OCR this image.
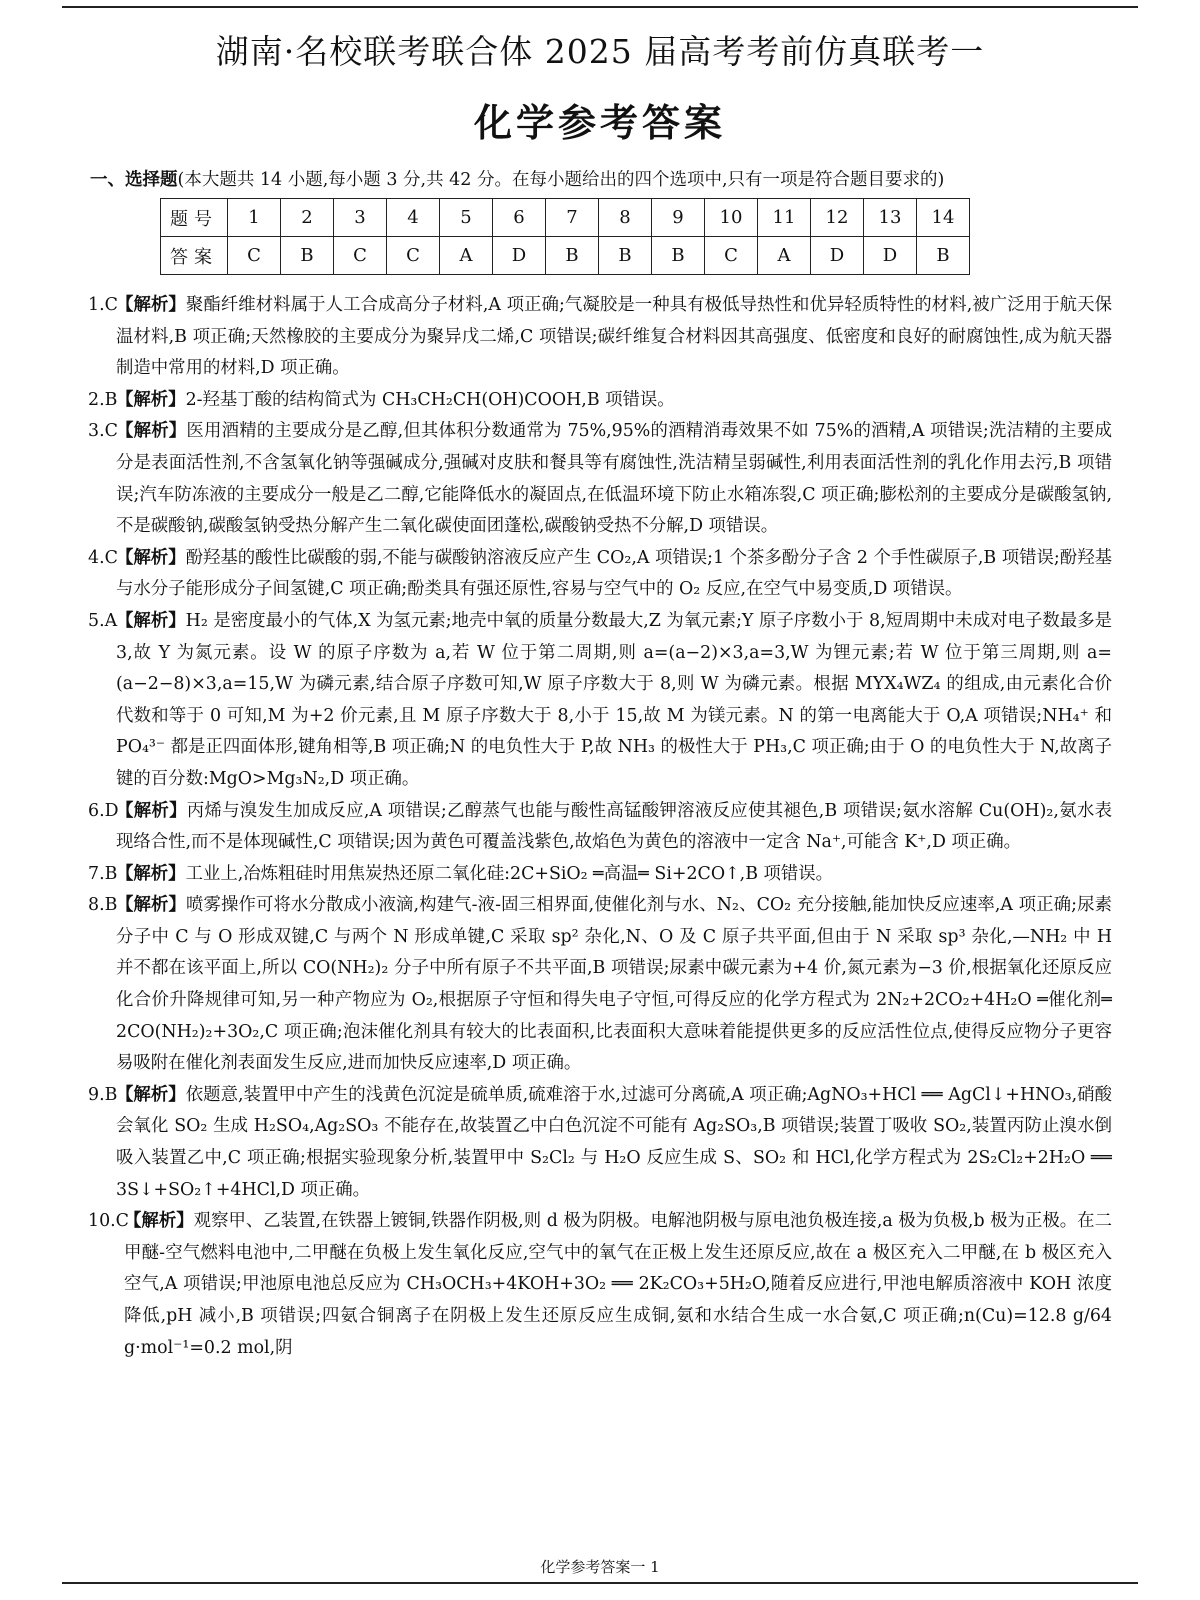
湖南·名校联考联合体 2025 届高考考前仿真联考一
化学参考答案
一、选择题(本大题共 14 小题,每小题 3 分,共 42 分。在每小题给出的四个选项中,只有一项是符合题目要求的)
题号	1	2	3	4	5	6	7	8	9	10	11	12	13	14
答案	C	B	C	C	A	D	B	B	B	C	A	D	D	B
1.C
【解析】聚酯纤维材料属于人工合成高分子材料,A 项正确;气凝胶是一种具有极低导热性和优异轻质特性的材料,被广泛用于航天保温材料,B 项正确;天然橡胶的主要成分为聚异戊二烯,C 项错误;碳纤维复合材料因其高强度、低密度和良好的耐腐蚀性,成为航天器制造中常用的材料,D 项正确。
2.B
【解析】2-羟基丁酸的结构简式为 CH₃CH₂CH(OH)COOH,B 项错误。
3.C
【解析】医用酒精的主要成分是乙醇,但其体积分数通常为 75%,95%的酒精消毒效果不如 75%的酒精,A 项错误;洗洁精的主要成分是表面活性剂,不含氢氧化钠等强碱成分,强碱对皮肤和餐具等有腐蚀性,洗洁精呈弱碱性,利用表面活性剂的乳化作用去污,B 项错误;汽车防冻液的主要成分一般是乙二醇,它能降低水的凝固点,在低温环境下防止水箱冻裂,C 项正确;膨松剂的主要成分是碳酸氢钠,不是碳酸钠,碳酸氢钠受热分解产生二氧化碳使面团蓬松,碳酸钠受热不分解,D 项错误。
4.C
【解析】酚羟基的酸性比碳酸的弱,不能与碳酸钠溶液反应产生 CO₂,A 项错误;1 个茶多酚分子含 2 个手性碳原子,B 项错误;酚羟基与水分子能形成分子间氢键,C 项正确;酚类具有强还原性,容易与空气中的 O₂ 反应,在空气中易变质,D 项错误。
5.A
【解析】H₂ 是密度最小的气体,X 为氢元素;地壳中氧的质量分数最大,Z 为氧元素;Y 原子序数小于 8,短周期中未成对电子数最多是 3,故 Y 为氮元素。设 W 的原子序数为 a,若 W 位于第二周期,则 a=(a−2)×3,a=3,W 为锂元素;若 W 位于第三周期,则 a=(a−2−8)×3,a=15,W 为磷元素,结合原子序数可知,W 原子序数大于 8,则 W 为磷元素。根据 MYX₄WZ₄ 的组成,由元素化合价代数和等于 0 可知,M 为+2 价元素,且 M 原子序数大于 8,小于 15,故 M 为镁元素。N 的第一电离能大于 O,A 项错误;NH₄⁺ 和 PO₄³⁻ 都是正四面体形,键角相等,B 项正确;N 的电负性大于 P,故 NH₃ 的极性大于 PH₃,C 项正确;由于 O 的电负性大于 N,故离子键的百分数:MgO>Mg₃N₂,D 项正确。
6.D
【解析】丙烯与溴发生加成反应,A 项错误;乙醇蒸气也能与酸性高锰酸钾溶液反应使其褪色,B 项错误;氨水溶解 Cu(OH)₂,氨水表现络合性,而不是体现碱性,C 项错误;因为黄色可覆盖浅紫色,故焰色为黄色的溶液中一定含 Na⁺,可能含 K⁺,D 项正确。
7.B
【解析】工业上,冶炼粗硅时用焦炭热还原二氧化硅:2C+SiO₂ ═高温═ Si+2CO↑,B 项错误。
8.B
【解析】喷雾操作可将水分散成小液滴,构建气-液-固三相界面,使催化剂与水、N₂、CO₂ 充分接触,能加快反应速率,A 项正确;尿素分子中 C 与 O 形成双键,C 与两个 N 形成单键,C 采取 sp² 杂化,N、O 及 C 原子共平面,但由于 N 采取 sp³ 杂化,—NH₂ 中 H 并不都在该平面上,所以 CO(NH₂)₂ 分子中所有原子不共平面,B 项错误;尿素中碳元素为+4 价,氮元素为−3 价,根据氧化还原反应化合价升降规律可知,另一种产物应为 O₂,根据原子守恒和得失电子守恒,可得反应的化学方程式为 2N₂+2CO₂+4H₂O ═催化剂═ 2CO(NH₂)₂+3O₂,C 项正确;泡沫催化剂具有较大的比表面积,比表面积大意味着能提供更多的反应活性位点,使得反应物分子更容易吸附在催化剂表面发生反应,进而加快反应速率,D 项正确。
9.B
【解析】依题意,装置甲中产生的浅黄色沉淀是硫单质,硫难溶于水,过滤可分离硫,A 项正确;AgNO₃+HCl ══ AgCl↓+HNO₃,硝酸会氧化 SO₂ 生成 H₂SO₄,Ag₂SO₃ 不能存在,故装置乙中白色沉淀不可能有 Ag₂SO₃,B 项错误;装置丁吸收 SO₂,装置丙防止溴水倒吸入装置乙中,C 项正确;根据实验现象分析,装置甲中 S₂Cl₂ 与 H₂O 反应生成 S、SO₂ 和 HCl,化学方程式为 2S₂Cl₂+2H₂O ══ 3S↓+SO₂↑+4HCl,D 项正确。
10.C
【解析】观察甲、乙装置,在铁器上镀铜,铁器作阴极,则 d 极为阴极。电解池阴极与原电池负极连接,a 极为负极,b 极为正极。在二甲醚-空气燃料电池中,二甲醚在负极上发生氧化反应,空气中的氧气在正极上发生还原反应,故在 a 极区充入二甲醚,在 b 极区充入空气,A 项错误;甲池原电池总反应为 CH₃OCH₃+4KOH+3O₂ ══ 2K₂CO₃+5H₂O,随着反应进行,甲池电解质溶液中 KOH 浓度降低,pH 减小,B 项错误;四氨合铜离子在阴极上发生还原反应生成铜,氨和水结合生成一水合氨,C 项正确;n(Cu)=12.8 g/64 g·mol⁻¹=0.2 mol,阴
化学参考答案一 1
